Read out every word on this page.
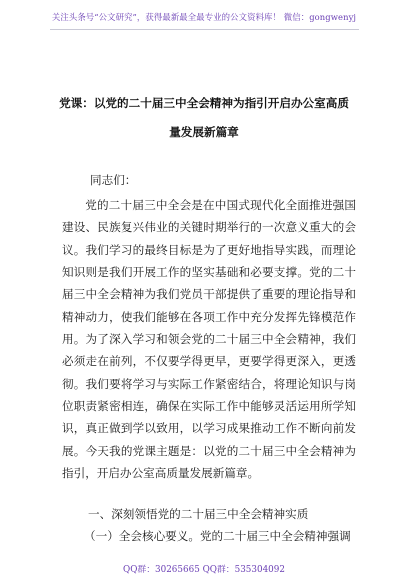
关注头条号“公文研究”，获得最新最全最专业的公文资料库！ 微信：gongwenyj
党课：以党的二十届三中全会精神为指引开启办公室高质
量发展新篇章
同志们：

党的二十届三中全会是在中国式现代化全面推进强国建设、民族复兴伟业的关键时期举行的一次意义重大的会议。我们学习的最终目标是为了更好地指导实践，而理论知识则是我们开展工作的坚实基础和必要支撑。党的二十届三中全会精神为我们党员干部提供了重要的理论指导和精神动力，使我们能够在各项工作中充分发挥先锋模范作用。为了深入学习和领会党的二十届三中全会精神，我们必须走在前列，不仅要学得更早，更要学得更深入，更透彻。我们要将学习与实际工作紧密结合，将理论知识与岗位职责紧密相连，确保在实际工作中能够灵活运用所学知识，真正做到学以致用，以学习成果推动工作不断向前发展。今天我的党课主题是：以党的二十届三中全会精神为指引，开启办公室高质量发展新篇章。

一、深刻领悟党的二十届三中全会精神实质
（一）全会核心要义。党的二十届三中全会精神强调
QQ群：30265665 QQ群：535304092
